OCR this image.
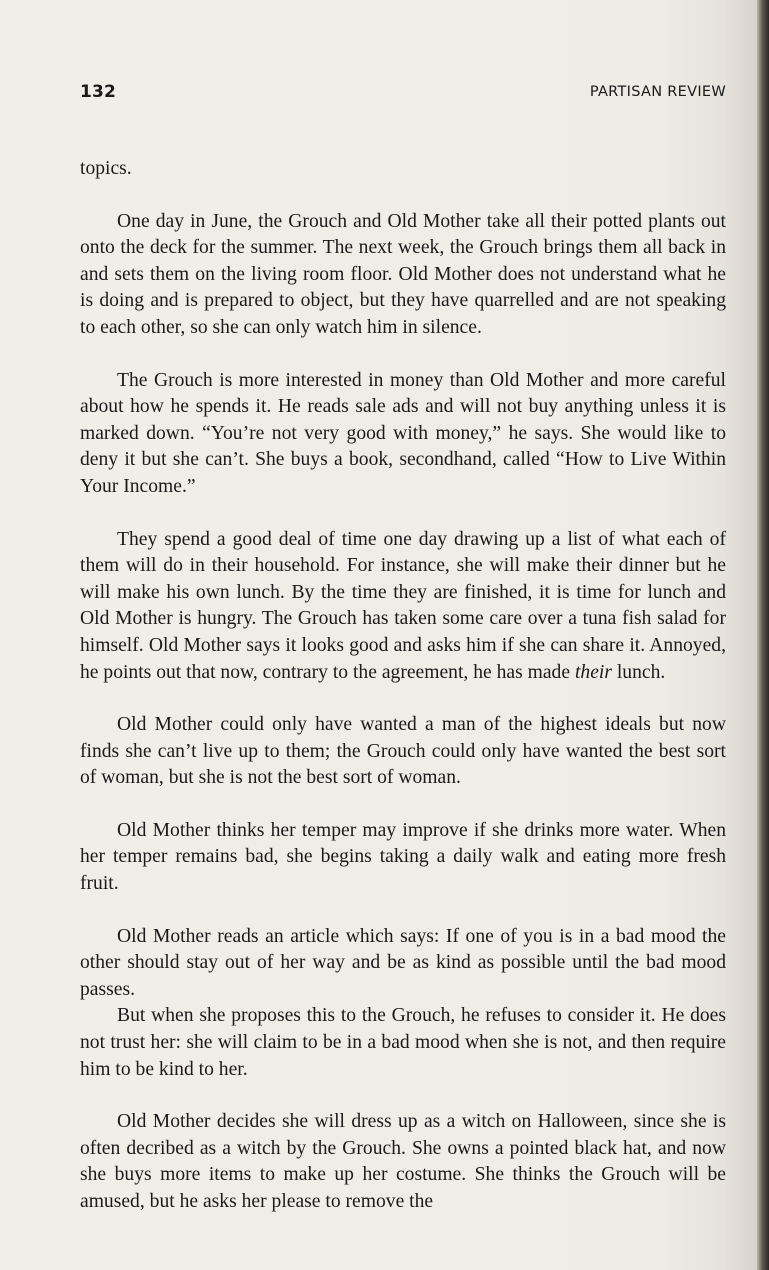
132	PARTISAN REVIEW

topics.

One day in June, the Grouch and Old Mother take all their potted plants out onto the deck for the summer. The next week, the Grouch brings them all back in and sets them on the living room floor. Old Mother does not understand what he is doing and is prepared to object, but they have quarrelled and are not speaking to each other, so she can only watch him in silence.

The Grouch is more interested in money than Old Mother and more careful about how he spends it. He reads sale ads and will not buy anything unless it is marked down. “You’re not very good with money,” he says. She would like to deny it but she can’t. She buys a book, secondhand, called “How to Live Within Your Income.”

They spend a good deal of time one day drawing up a list of what each of them will do in their household. For instance, she will make their dinner but he will make his own lunch. By the time they are finished, it is time for lunch and Old Mother is hungry. The Grouch has taken some care over a tuna fish salad for himself. Old Mother says it looks good and asks him if she can share it. Annoyed, he points out that now, contrary to the agreement, he has made their lunch.

Old Mother could only have wanted a man of the highest ideals but now finds she can’t live up to them; the Grouch could only have wanted the best sort of woman, but she is not the best sort of woman.

Old Mother thinks her temper may improve if she drinks more water. When her temper remains bad, she begins taking a daily walk and eating more fresh fruit.

Old Mother reads an article which says: If one of you is in a bad mood the other should stay out of her way and be as kind as possible until the bad mood passes.

But when she proposes this to the Grouch, he refuses to consider it. He does not trust her: she will claim to be in a bad mood when she is not, and then require him to be kind to her.

Old Mother decides she will dress up as a witch on Halloween, since she is often decribed as a witch by the Grouch. She owns a pointed black hat, and now she buys more items to make up her costume. She thinks the Grouch will be amused, but he asks her please to remove the
